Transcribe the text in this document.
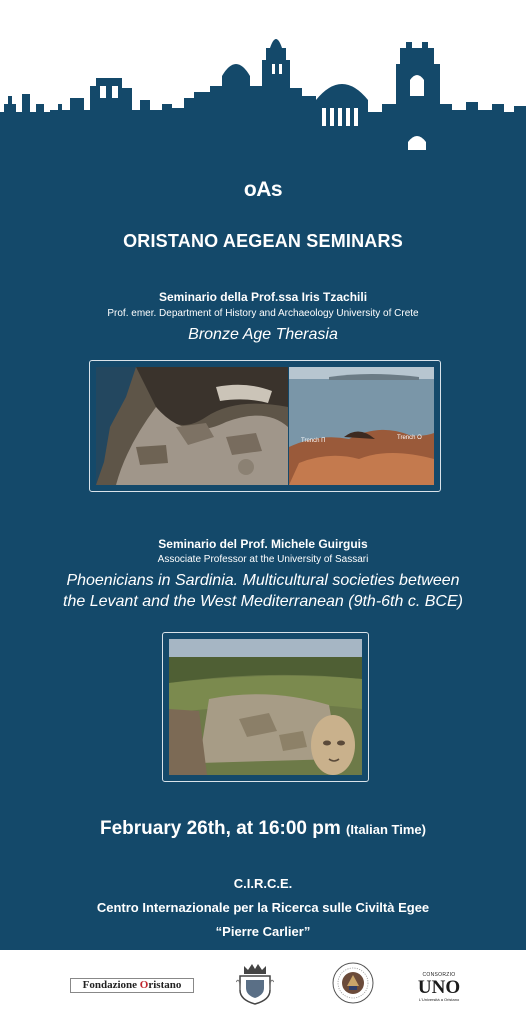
oAs
ORISTANO AEGEAN SEMINARS
Seminario della Prof.ssa Iris Tzachili
Prof. emer. Department of History and Archaeology University of Crete
Bronze Age Therasia
Trench Π	Trench O
Seminario del Prof. Michele Guirguis
Associate Professor at the University of Sassari
Phoenicians in Sardinia. Multicultural societies between
the Levant and the West Mediterranean (9th-6th c. BCE)
February 26th, at 16:00 pm (Italian Time)
C.I.R.C.E.
Centro Internazionale per la Ricerca sulle Civiltà Egee
“Pierre Carlier”
Fondazione Oristano
CONSORZIO
UNO
L'Università a Oristano
